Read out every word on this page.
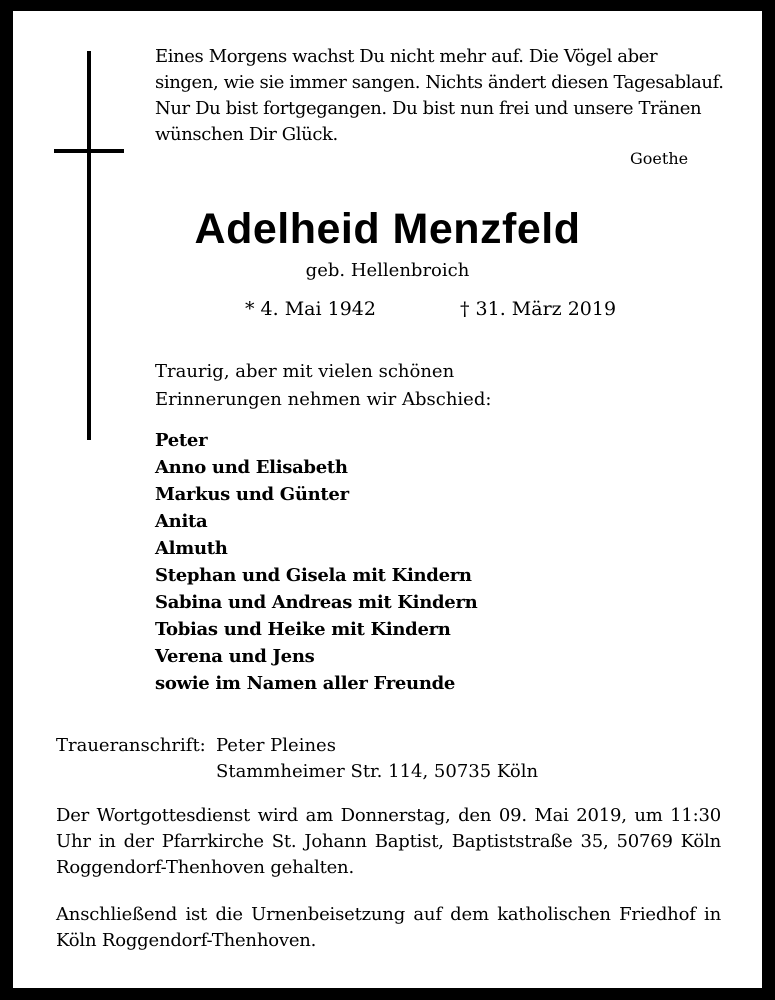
Eines Morgens wachst Du nicht mehr auf. Die Vögel aber singen, wie sie immer sangen. Nichts ändert diesen Tagesablauf. Nur Du bist fortgegangen. Du bist nun frei und unsere Tränen wünschen Dir Glück.
Goethe
Adelheid Menzfeld
geb. Hellenbroich
* 4. Mai 1942	† 31. März 2019
Traurig, aber mit vielen schönen
Erinnerungen nehmen wir Abschied:
Peter
Anno und Elisabeth
Markus und Günter
Anita
Almuth
Stephan und Gisela mit Kindern
Sabina und Andreas mit Kindern
Tobias und Heike mit Kindern
Verena und Jens
sowie im Namen aller Freunde
Traueranschrift: Peter Pleines
Stammheimer Str. 114, 50735 Köln
Der Wortgottesdienst wird am Donnerstag, den 09. Mai 2019, um 11:30 Uhr in der Pfarrkirche St. Johann Baptist, Baptiststraße 35, 50769 Köln Roggendorf-Thenhoven gehalten.
Anschließend ist die Urnenbeisetzung auf dem katholischen Friedhof in Köln Roggendorf-Thenhoven.
